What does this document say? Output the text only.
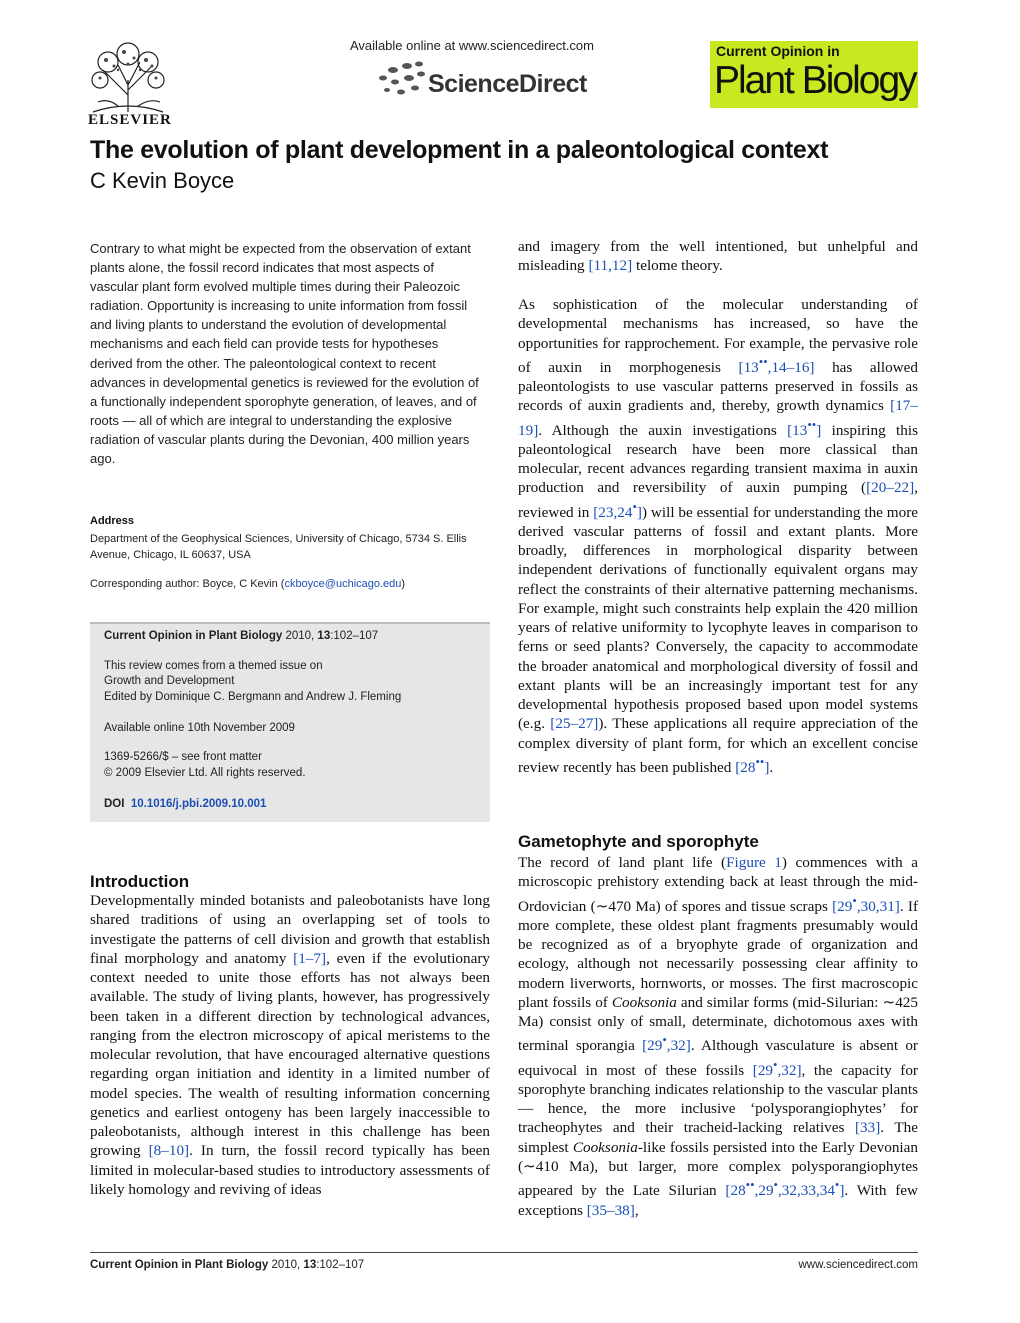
ELSEVIER
Available online at www.sciencedirect.com
ScienceDirect
Current Opinion in
Plant Biology
The evolution of plant development in a paleontological context
C Kevin Boyce
Contrary to what might be expected from the observation of extant plants alone, the fossil record indicates that most aspects of vascular plant form evolved multiple times during their Paleozoic radiation. Opportunity is increasing to unite information from fossil and living plants to understand the evolution of developmental mechanisms and each field can provide tests for hypotheses derived from the other. The paleontological context to recent advances in developmental genetics is reviewed for the evolution of a functionally independent sporophyte generation, of leaves, and of roots — all of which are integral to understanding the explosive radiation of vascular plants during the Devonian, 400 million years ago.
Address
Department of the Geophysical Sciences, University of Chicago, 5734 S. Ellis Avenue, Chicago, IL 60637, USA
Corresponding author: Boyce, C Kevin (ckboyce@uchicago.edu)
Current Opinion in Plant Biology 2010, 13:102–107
This review comes from a themed issue on
Growth and Development
Edited by Dominique C. Bergmann and Andrew J. Fleming
Available online 10th November 2009
1369-5266/$ – see front matter
© 2009 Elsevier Ltd. All rights reserved.
DOI 10.1016/j.pbi.2009.10.001
Introduction
Developmentally minded botanists and paleobotanists have long shared traditions of using an overlapping set of tools to investigate the patterns of cell division and growth that establish final morphology and anatomy [1–7], even if the evolutionary context needed to unite those efforts has not always been available. The study of living plants, however, has progressively been taken in a different direction by technological advances, ranging from the electron microscopy of apical meristems to the molecular revolution, that have encouraged alternative questions regarding organ initiation and identity in a limited number of model species. The wealth of resulting information concerning genetics and earliest ontogeny has been largely inaccessible to paleobotanists, although interest in this challenge has been growing [8–10]. In turn, the fossil record typically has been limited in molecular-based studies to introductory assessments of likely homology and reviving of ideas
and imagery from the well intentioned, but unhelpful and misleading [11,12] telome theory.
As sophistication of the molecular understanding of developmental mechanisms has increased, so have the opportunities for rapprochement. For example, the pervasive role of auxin in morphogenesis [13••,14–16] has allowed paleontologists to use vascular patterns preserved in fossils as records of auxin gradients and, thereby, growth dynamics [17–19]. Although the auxin investigations [13••] inspiring this paleontological research have been more classical than molecular, recent advances regarding transient maxima in auxin production and reversibility of auxin pumping ([20–22], reviewed in [23,24•]) will be essential for understanding the more derived vascular patterns of fossil and extant plants. More broadly, differences in morphological disparity between independent derivations of functionally equivalent organs may reflect the constraints of their alternative patterning mechanisms. For example, might such constraints help explain the 420 million years of relative uniformity to lycophyte leaves in comparison to ferns or seed plants? Conversely, the capacity to accommodate the broader anatomical and morphological diversity of fossil and extant plants will be an increasingly important test for any developmental hypothesis proposed based upon model systems (e.g. [25–27]). These applications all require appreciation of the complex diversity of plant form, for which an excellent concise review recently has been published [28••].
Gametophyte and sporophyte
The record of land plant life (Figure 1) commences with a microscopic prehistory extending back at least through the mid-Ordovician (∼470 Ma) of spores and tissue scraps [29•,30,31]. If more complete, these oldest plant fragments presumably would be recognized as of a bryophyte grade of organization and ecology, although not necessarily possessing clear affinity to modern liverworts, hornworts, or mosses. The first macroscopic plant fossils of Cooksonia and similar forms (mid-Silurian: ∼425 Ma) consist only of small, determinate, dichotomous axes with terminal sporangia [29•,32]. Although vasculature is absent or equivocal in most of these fossils [29•,32], the capacity for sporophyte branching indicates relationship to the vascular plants — hence, the more inclusive ‘polysporangiophytes’ for tracheophytes and their tracheid-lacking relatives [33]. The simplest Cooksonia-like fossils persisted into the Early Devonian (∼410 Ma), but larger, more complex polysporangiophytes appeared by the Late Silurian [28••,29•,32,33,34•]. With few exceptions [35–38],
Current Opinion in Plant Biology 2010, 13:102–107	www.sciencedirect.com
